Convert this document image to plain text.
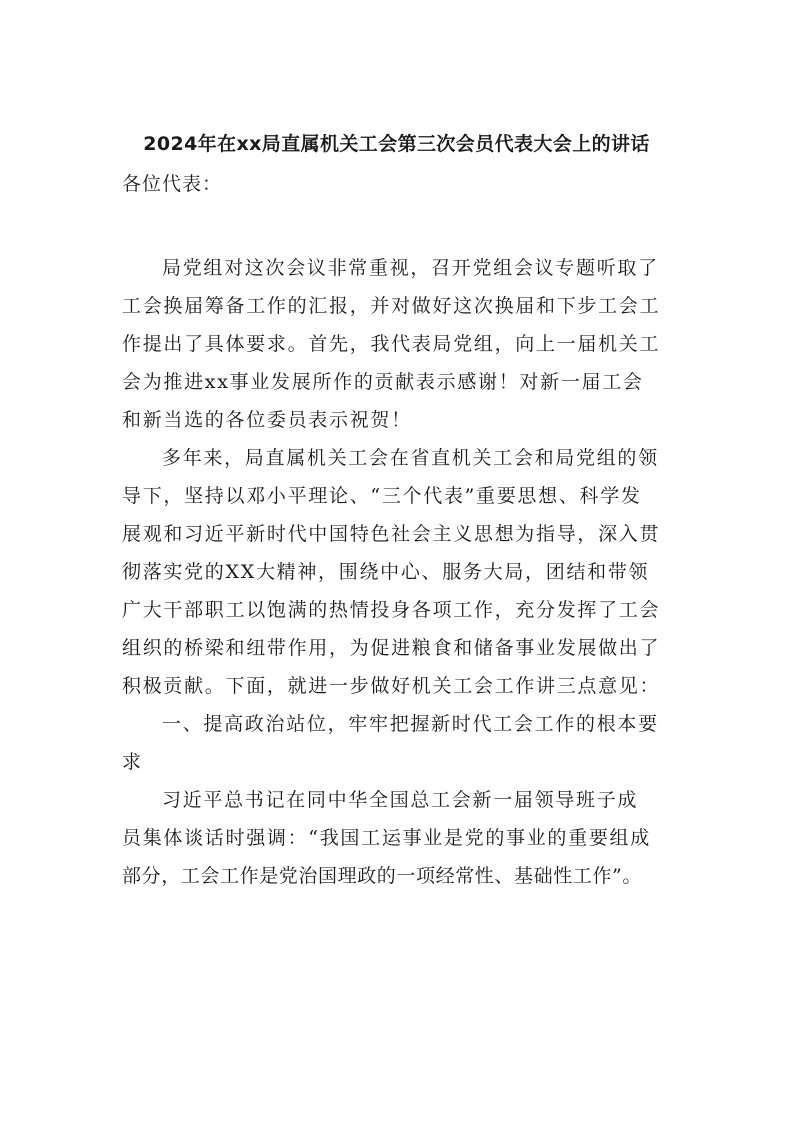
2024年在xx局直属机关工会第三次会员代表大会上的讲话
各位代表：
局党组对这次会议非常重视，召开党组会议专题听取了
工会换届筹备工作的汇报，并对做好这次换届和下步工会工
作提出了具体要求。首先，我代表局党组，向上一届机关工
会为推进xx事业发展所作的贡献表示感谢！对新一届工会
和新当选的各位委员表示祝贺！
多年来，局直属机关工会在省直机关工会和局党组的领
导下，坚持以邓小平理论、“三个代表”重要思想、科学发
展观和习近平新时代中国特色社会主义思想为指导，深入贯
彻落实党的XX大精神，围绕中心、服务大局，团结和带领
广大干部职工以饱满的热情投身各项工作，充分发挥了工会
组织的桥梁和纽带作用，为促进粮食和储备事业发展做出了
积极贡献。下面，就进一步做好机关工会工作讲三点意见：
一、提高政治站位，牢牢把握新时代工会工作的根本要
求
习近平总书记在同中华全国总工会新一届领导班子成
员集体谈话时强调：“我国工运事业是党的事业的重要组成
部分，工会工作是党治国理政的一项经常性、基础性工作”。
